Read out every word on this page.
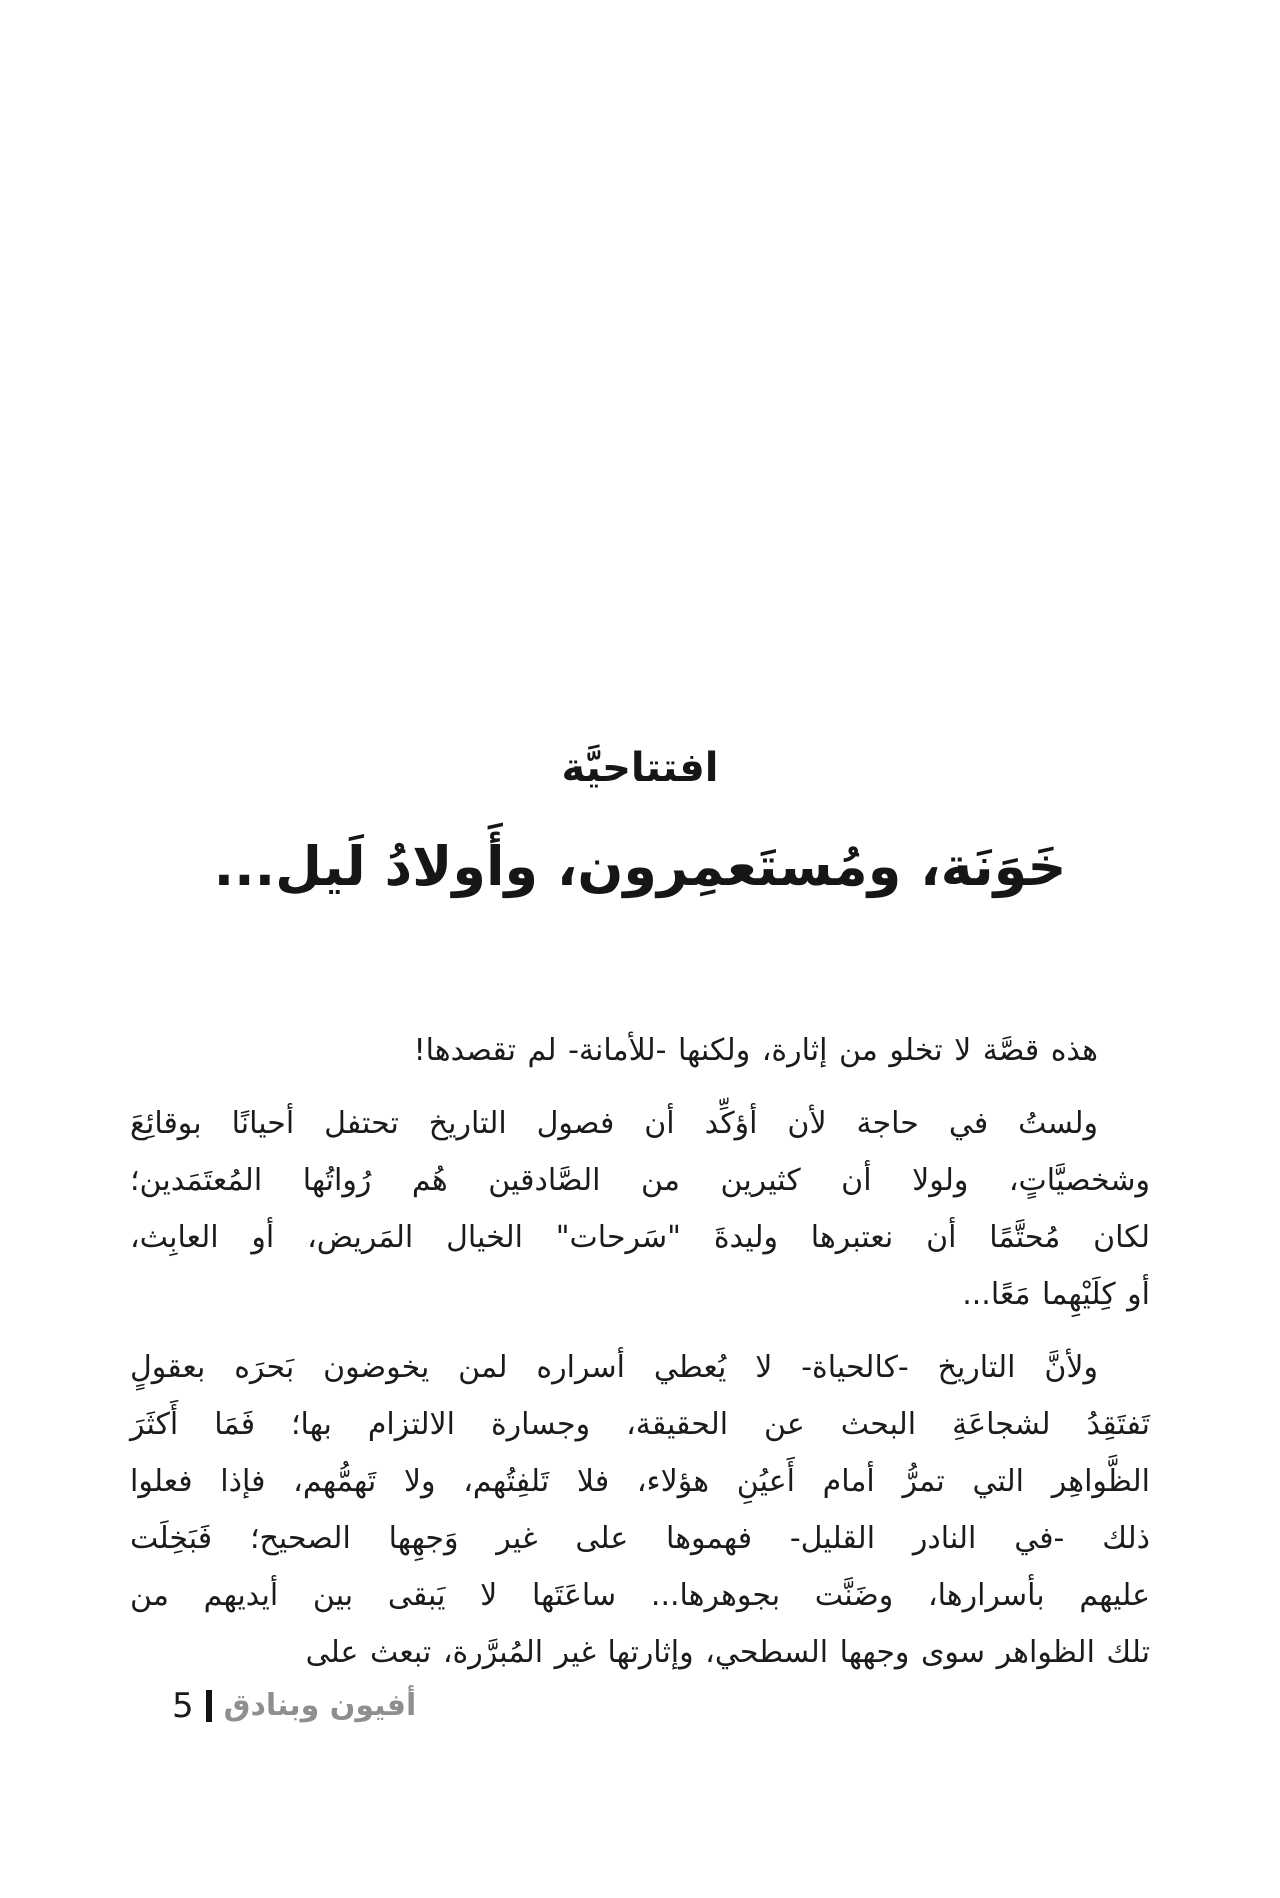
افتتاحيَّة
خَوَنَة، ومُستَعمِرون، وأَولادُ لَيل...
هذه قصَّة لا تخلو من إثارة، ولكنها -للأمانة- لم تقصدها!
ولستُ في حاجة لأن أؤكِّد أن فصول التاريخ تحتفل أحيانًا بوقائِعَ
وشخصيَّاتٍ، ولولا أن كثيرين من الصَّادقين هُم رُواتُها المُعتَمَدين؛
لكان مُحتَّمًا أن نعتبرها وليدةَ "سَرحات" الخيال المَريض، أو العابِث،
أو كِلَيْهِما مَعًا...
ولأنَّ التاريخ -كالحياة- لا يُعطي أسراره لمن يخوضون بَحرَه بعقولٍ
تَفتَقِدُ لشجاعَةِ البحث عن الحقيقة، وجسارة الالتزام بها؛ فَمَا أَكثَرَ
الظَّواهِر التي تمرُّ أمام أَعيُنِ هؤلاء، فلا تَلفِتُهم، ولا تَهمُّهم، فإذا فعلوا
ذلك -في النادر القليل- فهموها على غير وَجهِها الصحيح؛ فَبَخِلَت
عليهم بأسرارها، وضَنَّت بجوهرها... ساعَتَها لا يَبقى بين أيديهم من
تلك الظواهر سوى وجهها السطحي، وإثارتها غير المُبرَّرة، تبعث على
أفيون وبنادق
5
